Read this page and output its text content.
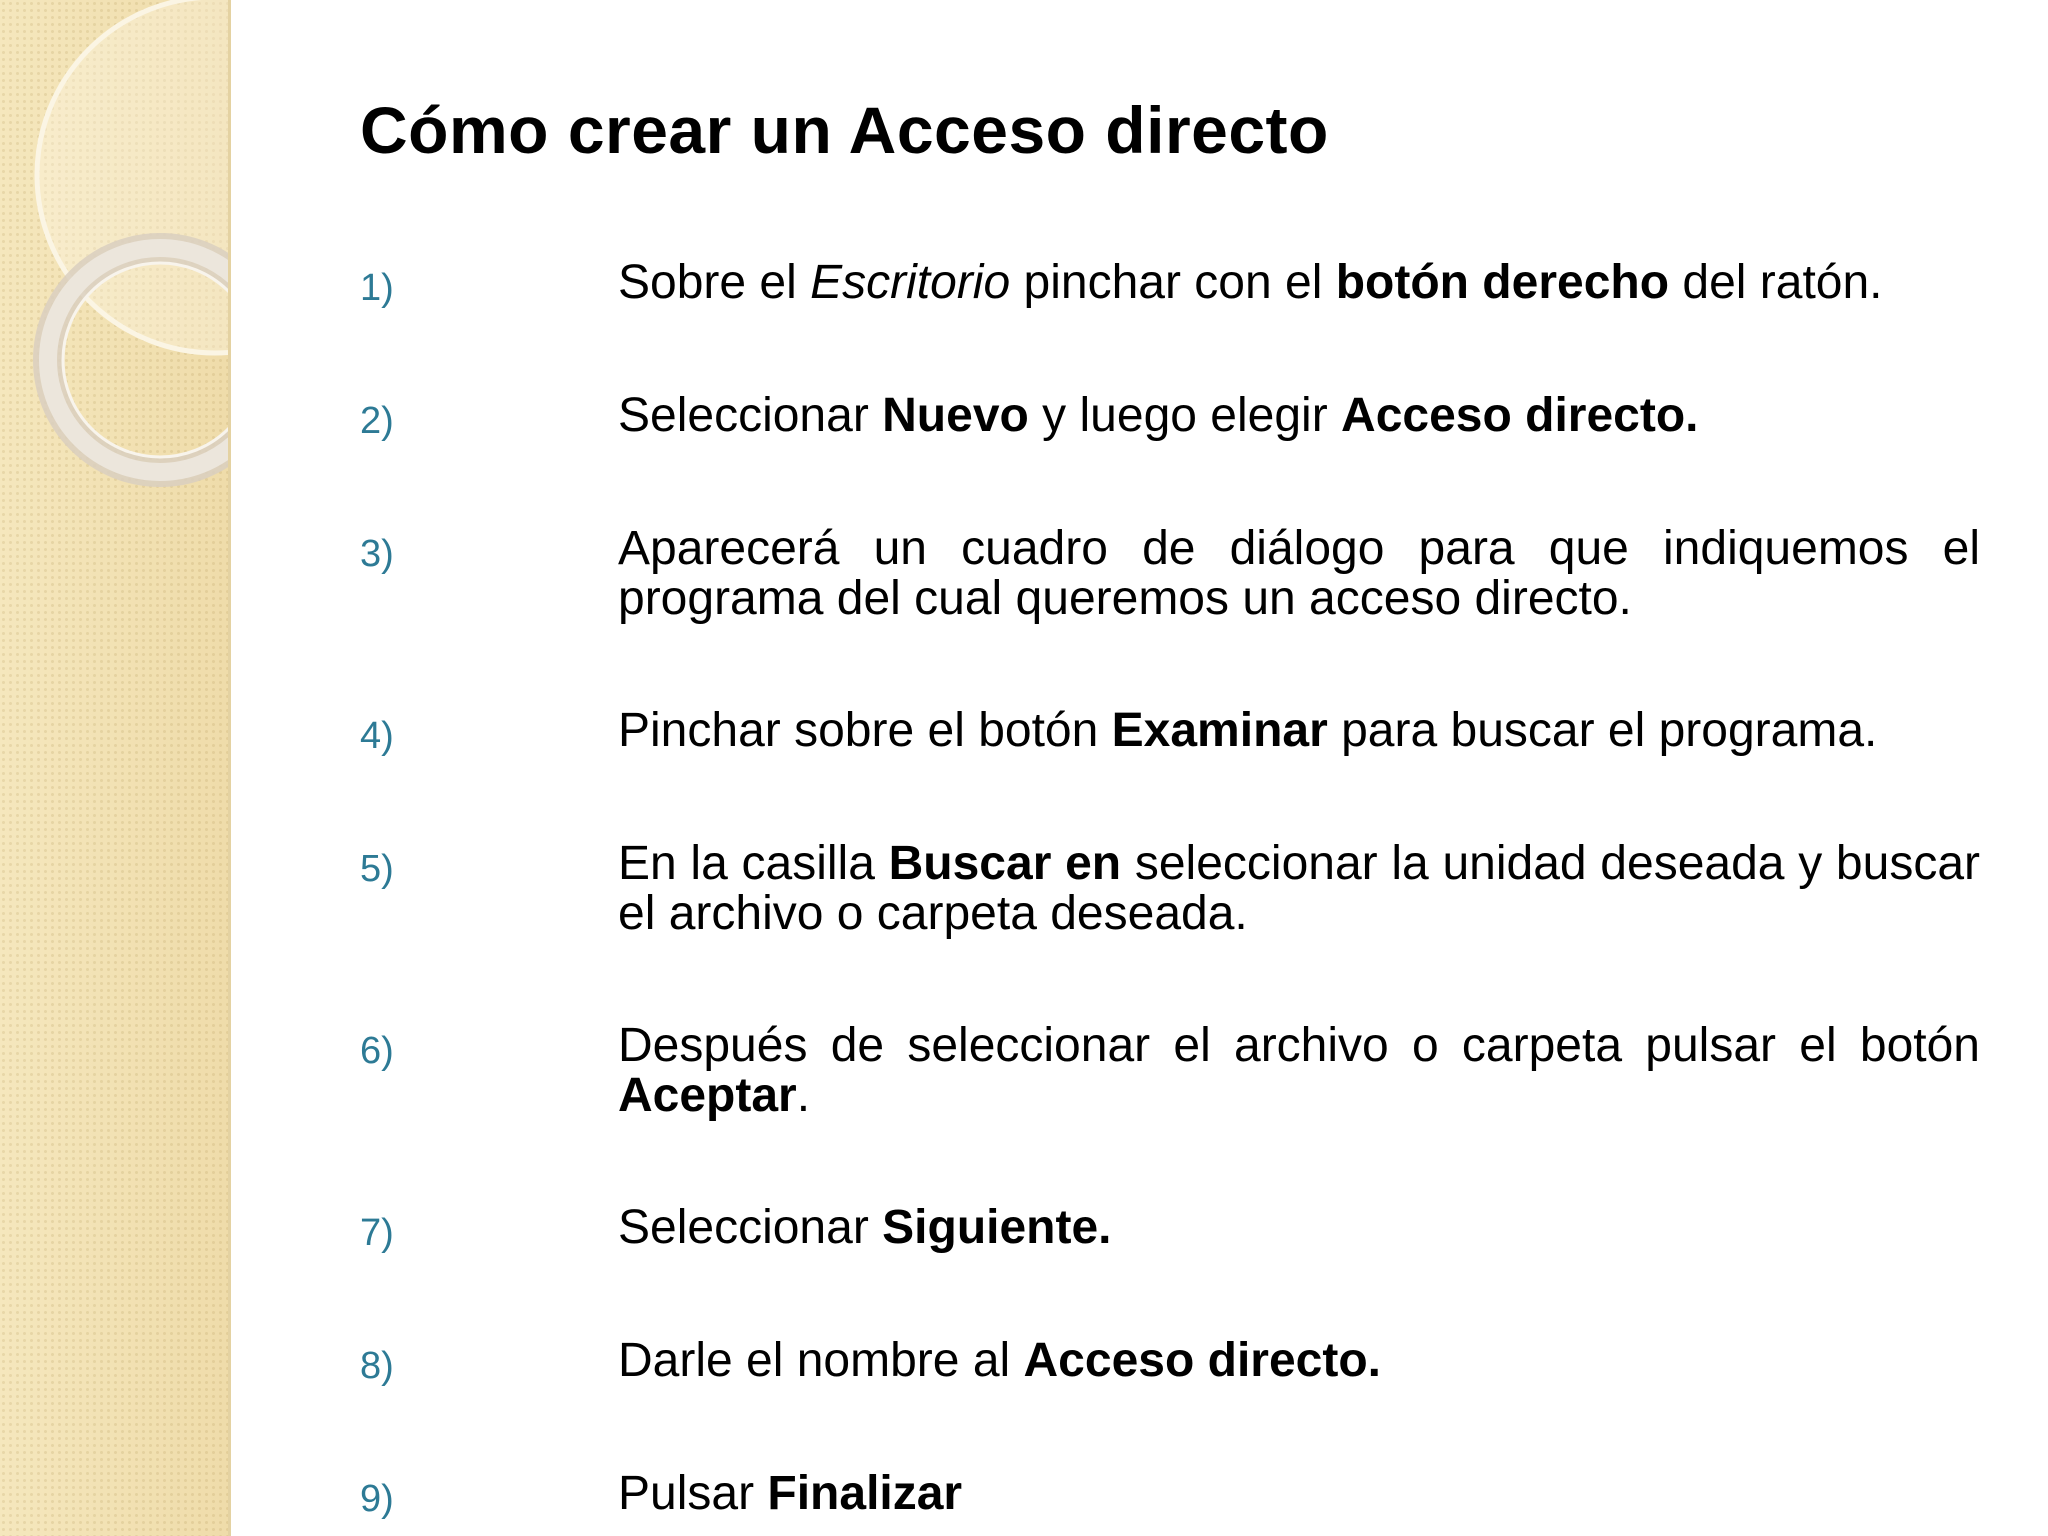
Cómo crear un Acceso directo
1)	Sobre el Escritorio pinchar con el botón derecho del ratón.
2)	Seleccionar Nuevo y luego elegir Acceso directo.
3)	Aparecerá un cuadro de diálogo para que indiquemos el programa del cual queremos un acceso directo.
4)	Pinchar sobre el botón Examinar para buscar el programa.
5)	En la casilla Buscar en seleccionar la unidad deseada y buscar el archivo o carpeta deseada.
6)	Después de seleccionar el archivo o carpeta pulsar el botón Aceptar.
7)	Seleccionar Siguiente.
8)	Darle el nombre al Acceso directo.
9)	Pulsar Finalizar
